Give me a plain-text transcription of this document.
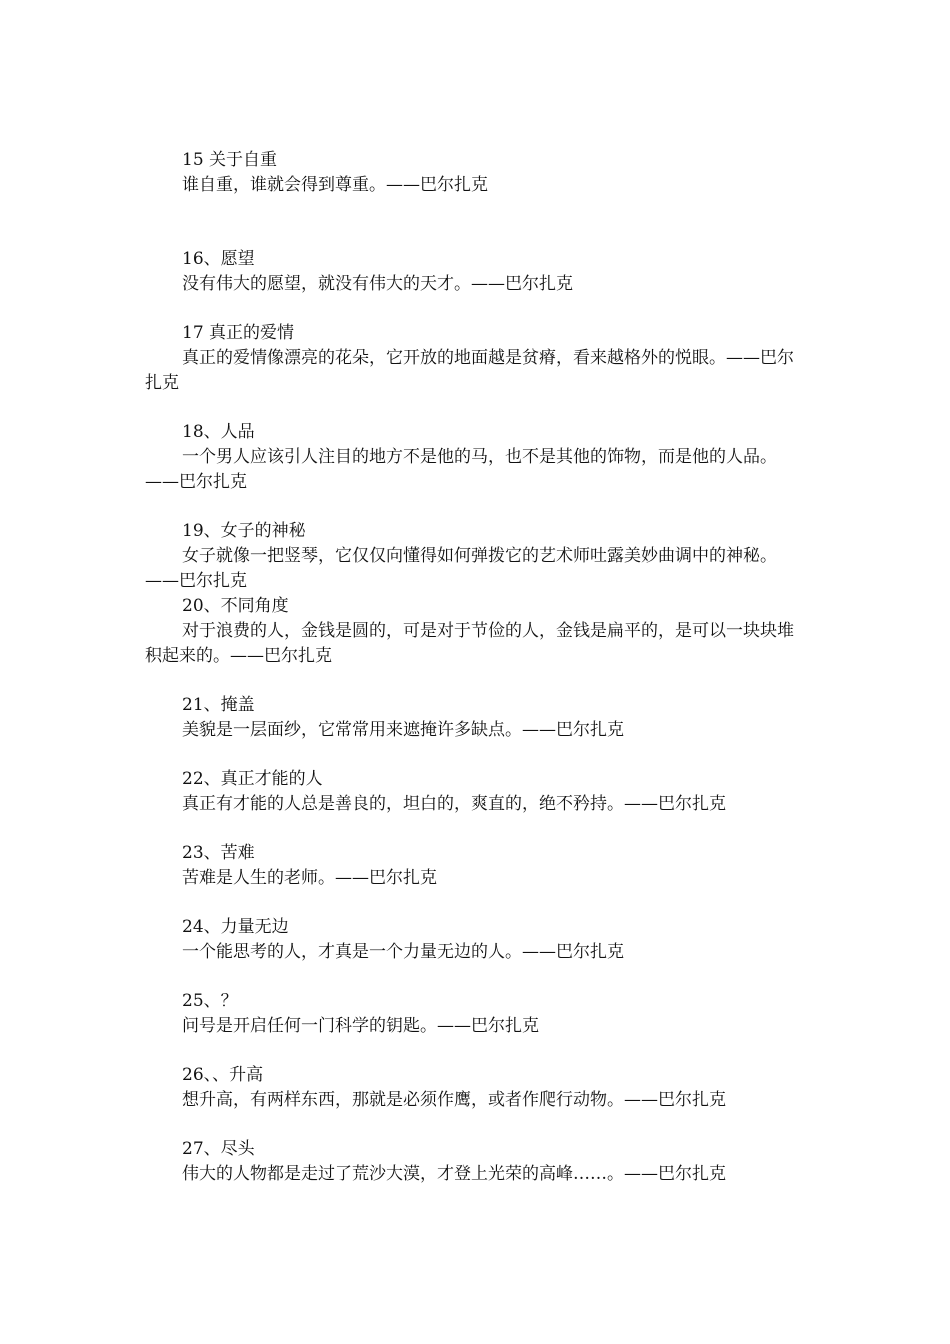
15 关于自重
谁自重，谁就会得到尊重。——巴尔扎克
16、愿望
没有伟大的愿望，就没有伟大的天才。——巴尔扎克
17 真正的爱情
真正的爱情像漂亮的花朵，它开放的地面越是贫瘠，看来越格外的悦眼。——巴尔扎克
18、人品
一个男人应该引人注目的地方不是他的马，也不是其他的饰物，而是他的人品。——巴尔扎克
19、女子的神秘
女子就像一把竖琴，它仅仅向懂得如何弹拨它的艺术师吐露美妙曲调中的神秘。——巴尔扎克
20、不同角度
对于浪费的人，金钱是圆的，可是对于节俭的人，金钱是扁平的，是可以一块块堆积起来的。——巴尔扎克
21、掩盖
美貌是一层面纱，它常常用来遮掩许多缺点。——巴尔扎克
22、真正才能的人
真正有才能的人总是善良的，坦白的，爽直的，绝不矜持。——巴尔扎克
23、苦难
苦难是人生的老师。——巴尔扎克
24、力量无边
一个能思考的人，才真是一个力量无边的人。——巴尔扎克
25、？
问号是开启任何一门科学的钥匙。——巴尔扎克
26、、升高
想升高，有两样东西，那就是必须作鹰，或者作爬行动物。——巴尔扎克
27、尽头
伟大的人物都是走过了荒沙大漠，才登上光荣的高峰……。——巴尔扎克
